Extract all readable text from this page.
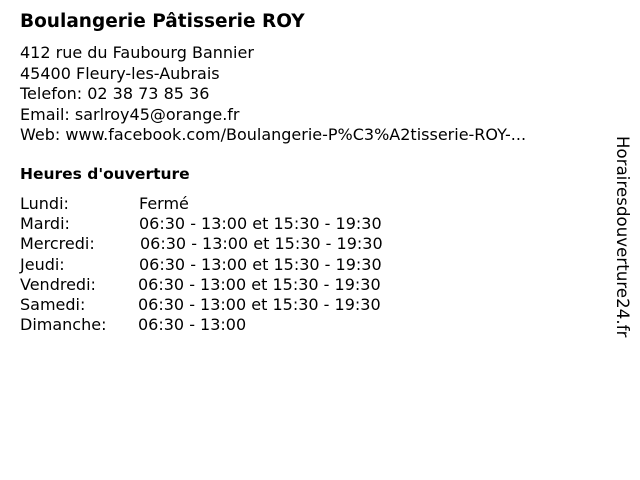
Boulangerie Pâtisserie ROY
412 rue du Faubourg Bannier
45400 Fleury-les-Aubrais
Telefon: 02 38 73 85 36
Email: sarlroy45@orange.fr
Web: www.facebook.com/Boulangerie-P%C3%A2tisserie-ROY-...
Heures d'ouverture
Lundi:	Fermé
Mardi:	06:30 - 13:00 et 15:30 - 19:30
Mercredi:	06:30 - 13:00 et 15:30 - 19:30
Jeudi:	06:30 - 13:00 et 15:30 - 19:30
Vendredi:	06:30 - 13:00 et 15:30 - 19:30
Samedi:	06:30 - 13:00 et 15:30 - 19:30
Dimanche: 06:30 - 13:00	Horairesdouverture24.fr
